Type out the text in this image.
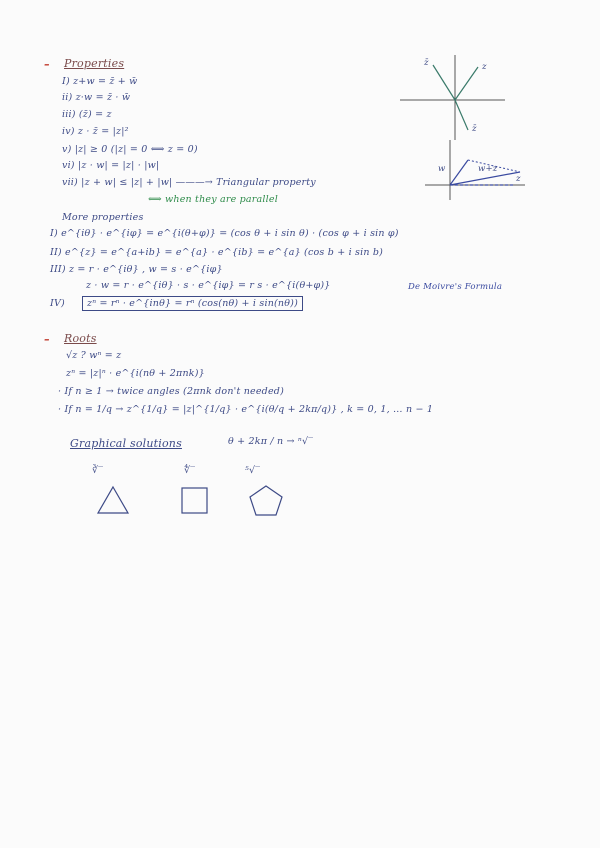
– Properties
I) z+w = z̄ + w̄
ii) z·w = z̄ · w̄
iii) (z̄) = z
iv) z · z̄ = |z|²
v) |z| ≥ 0 (|z| = 0 ⟺ z = 0)
vi) |z · w| = |z| · |w|
vii) |z + w| ≤ |z| + |w| ———→ Triangular property
⟺ when they are parallel
z̄	z
z̄
w	w+z
z
More properties
I) e^{iθ} · e^{iφ} = e^{i(θ+φ)} = (cos θ + i sin θ) · (cos φ + i sin φ)
II) e^{z} = e^{a+ib} = e^{a} · e^{ib} = e^{a} (cos b + i sin b)
III) z = r · e^{iθ} , w = s · e^{iφ}
z · w = r · e^{iθ} · s · e^{iφ} = r s · e^{i(θ+φ)}	De Moivre's Formula
IV)	zⁿ = rⁿ · e^{inθ} = rⁿ (cos(nθ) + i sin(nθ))
– Roots
√z ? wⁿ = z
zⁿ = |z|ⁿ · e^{i(nθ + 2πnk)}
· If n ≥ 1 → twice angles (2πnk don't needed)
· If n = 1/q → z^{1/q} = |z|^{1/q} · e^{i(θ/q + 2kπ/q)} , k = 0, 1, … n − 1
Graphical solutions	θ + 2kπ / n → ⁿ√‾
∛‾	∜‾	⁵√‾
